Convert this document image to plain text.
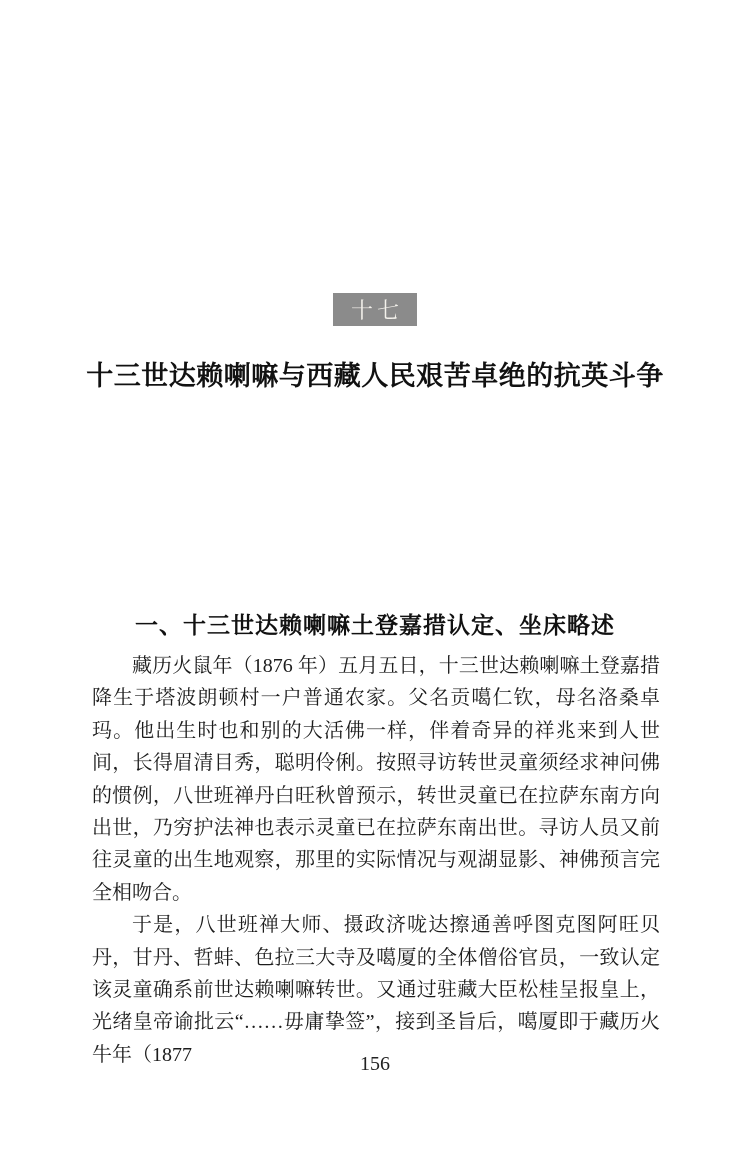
十七
十三世达赖喇嘛与西藏人民艰苦卓绝的抗英斗争
一、十三世达赖喇嘛土登嘉措认定、坐床略述

藏历火鼠年（1876 年）五月五日，十三世达赖喇嘛土登嘉措降生于塔波朗顿村一户普通农家。父名贡噶仁钦，母名洛桑卓玛。他出生时也和别的大活佛一样，伴着奇异的祥兆来到人世间，长得眉清目秀，聪明伶俐。按照寻访转世灵童须经求神问佛的惯例，八世班禅丹白旺秋曾预示，转世灵童已在拉萨东南方向出世，乃穷护法神也表示灵童已在拉萨东南出世。寻访人员又前往灵童的出生地观察，那里的实际情况与观湖显影、神佛预言完全相吻合。

于是，八世班禅大师、摄政济咙达擦通善呼图克图阿旺贝丹，甘丹、哲蚌、色拉三大寺及噶厦的全体僧俗官员，一致认定该灵童确系前世达赖喇嘛转世。又通过驻藏大臣松桂呈报皇上，光绪皇帝谕批云“……毋庸挚签”，接到圣旨后，噶厦即于藏历火牛年（1877	156
